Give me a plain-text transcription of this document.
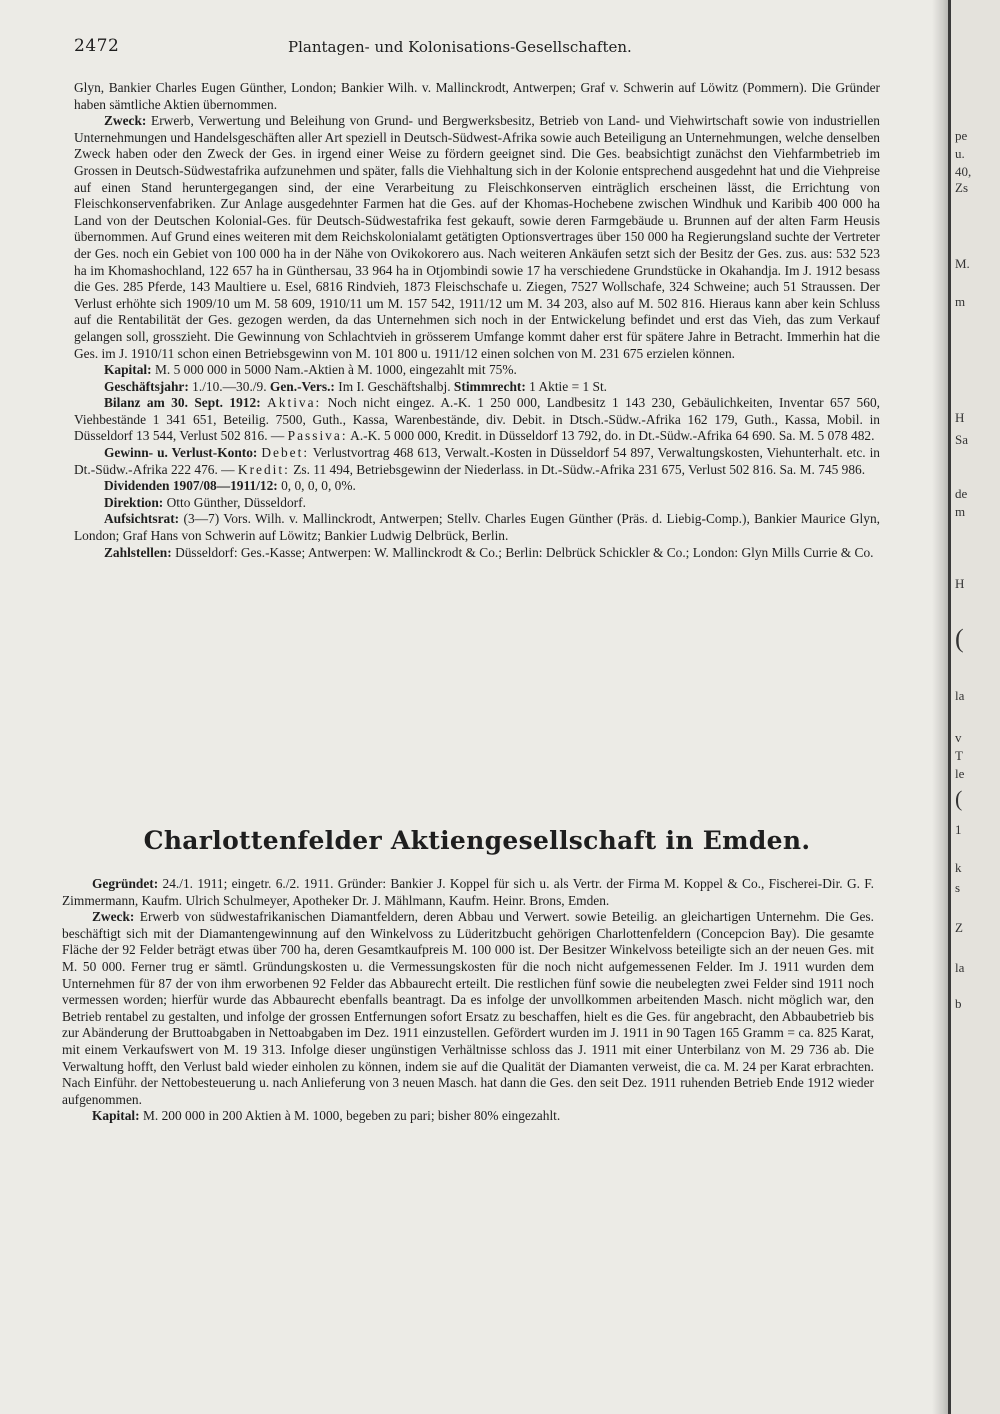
pe
u.
40,
Zs
M.
m
H
Sa
de
m
H
(
la
v
T
le
(
1
k
s
Z
la
b
2472	Plantagen- und Kolonisations-Gesellschaften.

Glyn, Bankier Charles Eugen Günther, London; Bankier Wilh. v. Mallinckrodt, Antwerpen; Graf v. Schwerin auf Löwitz (Pommern). Die Gründer haben sämtliche Aktien übernommen.

Zweck: Erwerb, Verwertung und Beleihung von Grund- und Bergwerksbesitz, Betrieb von Land- und Viehwirtschaft sowie von industriellen Unternehmungen und Handelsgeschäften aller Art speziell in Deutsch-Südwest-Afrika sowie auch Beteiligung an Unternehmungen, welche denselben Zweck haben oder den Zweck der Ges. in irgend einer Weise zu fördern geeignet sind. Die Ges. beabsichtigt zunächst den Viehfarmbetrieb im Grossen in Deutsch-Südwestafrika aufzunehmen und später, falls die Viehhaltung sich in der Kolonie entsprechend ausgedehnt hat und die Viehpreise auf einen Stand heruntergegangen sind, der eine Verarbeitung zu Fleischkonserven einträglich erscheinen lässt, die Errichtung von Fleischkonservenfabriken. Zur Anlage ausgedehnter Farmen hat die Ges. auf der Khomas-Hochebene zwischen Windhuk und Karibib 400 000 ha Land von der Deutschen Kolonial-Ges. für Deutsch-Südwestafrika fest gekauft, sowie deren Farmgebäude u. Brunnen auf der alten Farm Heusis übernommen. Auf Grund eines weiteren mit dem Reichskolonialamt getätigten Optionsvertrages über 150 000 ha Regierungsland suchte der Vertreter der Ges. noch ein Gebiet von 100 000 ha in der Nähe von Ovikokorero aus. Nach weiteren Ankäufen setzt sich der Besitz der Ges. zus. aus: 532 523 ha im Khomashochland, 122 657 ha in Günthersau, 33 964 ha in Otjombindi sowie 17 ha verschiedene Grundstücke in Okahandja. Im J. 1912 besass die Ges. 285 Pferde, 143 Maultiere u. Esel, 6816 Rindvieh, 1873 Fleischschafe u. Ziegen, 7527 Wollschafe, 324 Schweine; auch 51 Straussen. Der Verlust erhöhte sich 1909/10 um M. 58 609, 1910/11 um M. 157 542, 1911/12 um M. 34 203, also auf M. 502 816. Hieraus kann aber kein Schluss auf die Rentabilität der Ges. gezogen werden, da das Unternehmen sich noch in der Entwickelung befindet und erst das Vieh, das zum Verkauf gelangen soll, grosszieht. Die Gewinnung von Schlachtvieh in grösserem Umfange kommt daher erst für spätere Jahre in Betracht. Immerhin hat die Ges. im J. 1910/11 schon einen Betriebsgewinn von M. 101 800 u. 1911/12 einen solchen von M. 231 675 erzielen können.

Kapital: M. 5 000 000 in 5000 Nam.-Aktien à M. 1000, eingezahlt mit 75%.

Geschäftsjahr: 1./10.—30./9. Gen.-Vers.: Im I. Geschäftshalbj. Stimmrecht: 1 Aktie = 1 St.

Bilanz am 30. Sept. 1912: Aktiva: Noch nicht eingez. A.-K. 1 250 000, Landbesitz 1 143 230, Gebäulichkeiten, Inventar 657 560, Viehbestände 1 341 651, Beteilig. 7500, Guth., Kassa, Warenbestände, div. Debit. in Dtsch.-Südw.-Afrika 162 179, Guth., Kassa, Mobil. in Düsseldorf 13 544, Verlust 502 816. — Passiva: A.-K. 5 000 000, Kredit. in Düsseldorf 13 792, do. in Dt.-Südw.-Afrika 64 690. Sa. M. 5 078 482.

Gewinn- u. Verlust-Konto: Debet: Verlustvortrag 468 613, Verwalt.-Kosten in Düsseldorf 54 897, Verwaltungskosten, Viehunterhalt. etc. in Dt.-Südw.-Afrika 222 476. — Kredit: Zs. 11 494, Betriebsgewinn der Niederlass. in Dt.-Südw.-Afrika 231 675, Verlust 502 816. Sa. M. 745 986.

Dividenden 1907/08—1911/12: 0, 0, 0, 0, 0%.

Direktion: Otto Günther, Düsseldorf.

Aufsichtsrat: (3—7) Vors. Wilh. v. Mallinckrodt, Antwerpen; Stellv. Charles Eugen Günther (Präs. d. Liebig-Comp.), Bankier Maurice Glyn, London; Graf Hans von Schwerin auf Löwitz; Bankier Ludwig Delbrück, Berlin.

Zahlstellen: Düsseldorf: Ges.-Kasse; Antwerpen: W. Mallinckrodt & Co.; Berlin: Delbrück Schickler & Co.; London: Glyn Mills Currie & Co.

Charlottenfelder Aktiengesellschaft in Emden.

Gegründet: 24./1. 1911; eingetr. 6./2. 1911. Gründer: Bankier J. Koppel für sich u. als Vertr. der Firma M. Koppel & Co., Fischerei-Dir. G. F. Zimmermann, Kaufm. Ulrich Schulmeyer, Apotheker Dr. J. Mählmann, Kaufm. Heinr. Brons, Emden.

Zweck: Erwerb von südwestafrikanischen Diamantfeldern, deren Abbau und Verwert. sowie Beteilig. an gleichartigen Unternehm. Die Ges. beschäftigt sich mit der Diamantengewinnung auf den Winkelvoss zu Lüderitzbucht gehörigen Charlottenfeldern (Concepcion Bay). Die gesamte Fläche der 92 Felder beträgt etwas über 700 ha, deren Gesamtkaufpreis M. 100 000 ist. Der Besitzer Winkelvoss beteiligte sich an der neuen Ges. mit M. 50 000. Ferner trug er sämtl. Gründungskosten u. die Vermessungskosten für die noch nicht aufgemessenen Felder. Im J. 1911 wurden dem Unternehmen für 87 der von ihm erworbenen 92 Felder das Abbaurecht erteilt. Die restlichen fünf sowie die neubelegten zwei Felder sind 1911 noch vermessen worden; hierfür wurde das Abbaurecht ebenfalls beantragt. Da es infolge der unvollkommen arbeitenden Masch. nicht möglich war, den Betrieb rentabel zu gestalten, und infolge der grossen Entfernungen sofort Ersatz zu beschaffen, hielt es die Ges. für angebracht, den Abbaubetrieb bis zur Abänderung der Bruttoabgaben in Nettoabgaben im Dez. 1911 einzustellen. Gefördert wurden im J. 1911 in 90 Tagen 165 Gramm = ca. 825 Karat, mit einem Verkaufswert von M. 19 313. Infolge dieser ungünstigen Verhältnisse schloss das J. 1911 mit einer Unterbilanz von M. 29 736 ab. Die Verwaltung hofft, den Verlust bald wieder einholen zu können, indem sie auf die Qualität der Diamanten verweist, die ca. M. 24 per Karat erbrachten. Nach Einführ. der Nettobesteuerung u. nach Anlieferung von 3 neuen Masch. hat dann die Ges. den seit Dez. 1911 ruhenden Betrieb Ende 1912 wieder aufgenommen.

Kapital: M. 200 000 in 200 Aktien à M. 1000, begeben zu pari; bisher 80% eingezahlt.
